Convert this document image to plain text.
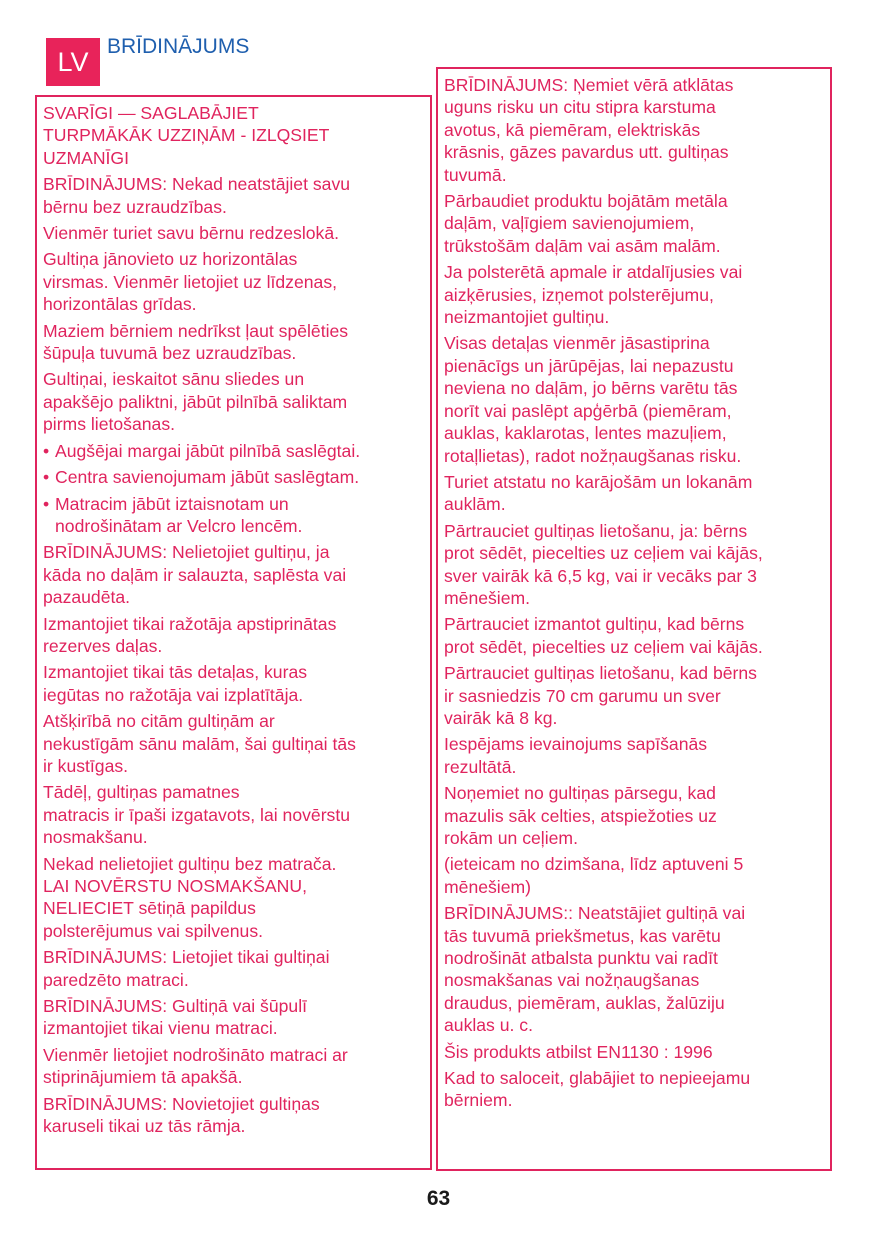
LV BRĪDINĀJUMS

SVARĪGI — SAGLABĀJIET
TURPMĀKĀK UZZIŅĀM - IZLQSIET
UZMANĪGI

BRĪDINĀJUMS: Nekad neatstājiet savu
bērnu bez uzraudzības.

Vienmēr turiet savu bērnu redzeslokā.

Gultiņa jānovieto uz horizontālas
virsmas. Vienmēr lietojiet uz līdzenas,
horizontālas grīdas.

Maziem bērniem nedrīkst ļaut spēlēties
šūpuļa tuvumā bez uzraudzības.

Gultiņai, ieskaitot sānu sliedes un
apakšējo paliktni, jābūt pilnībā saliktam
pirms lietošanas.

• Augšējai margai jābūt pilnībā saslēgtai.
• Centra savienojumam jābūt saslēgtam.
• Matracim jābūt iztaisnotam un
nodrošinātam ar Velcro lencēm.

BRĪDINĀJUMS: Nelietojiet gultiņu, ja
kāda no daļām ir salauzta, saplēsta vai
pazaudēta.

Izmantojiet tikai ražotāja apstiprinātas
rezerves daļas.

Izmantojiet tikai tās detaļas, kuras
iegūtas no ražotāja vai izplatītāja.

Atšķirībā no citām gultiņām ar
nekustīgām sānu malām, šai gultiņai tās
ir kustīgas.

Tādēļ, gultiņas pamatnes
matracis ir īpaši izgatavots, lai novērstu
nosmakšanu.

Nekad nelietojiet gultiņu bez matrača.

LAI NOVĒRSTU NOSMAKŠANU,
NELIECIET sētiņā papildus
polsterējumus vai spilvenus.

BRĪDINĀJUMS: Lietojiet tikai gultiņai
paredzēto matraci.

BRĪDINĀJUMS: Gultiņā vai šūpulī
izmantojiet tikai vienu matraci.

Vienmēr lietojiet nodrošināto matraci ar
stiprinājumiem tā apakšā.

BRĪDINĀJUMS: Novietojiet gultiņas
karuseli tikai uz tās rāmja.

BRĪDINĀJUMS: Ņemiet vērā atklātas
uguns risku un citu stipra karstuma
avotus, kā piemēram, elektriskās
krāsnis, gāzes pavardus utt. gultiņas
tuvumā.

Pārbaudiet produktu bojātām metāla
daļām, vaļīgiem savienojumiem,
trūkstošām daļām vai asām malām.

Ja polsterētā apmale ir atdalījusies vai
aizķērusies, izņemot polsterējumu,
neizmantojiet gultiņu.

Visas detaļas vienmēr jāsastiprina
pienācīgs un jārūpējas, lai nepazustu
neviena no daļām, jo bērns varētu tās
norīt vai paslēpt apģērbā (piemēram,
auklas, kaklarotas, lentes mazuļiem,
rotaļlietas), radot nožņaugšanas risku.

Turiet atstatu no karājošām un lokanām
auklām.

Pārtrauciet gultiņas lietošanu, ja: bērns
prot sēdēt, piecelties uz ceļiem vai kājās,
sver vairāk kā 6,5 kg, vai ir vecāks par 3
mēnešiem.

Pārtrauciet izmantot gultiņu, kad bērns
prot sēdēt, piecelties uz ceļiem vai kājās.

Pārtrauciet gultiņas lietošanu, kad bērns
ir sasniedzis 70 cm garumu un sver
vairāk kā 8 kg.

Iespējams ievainojums sapīšanās
rezultātā.

Noņemiet no gultiņas pārsegu, kad
mazulis sāk celties, atspiežoties uz
rokām un ceļiem.

(ieteicam no dzimšana, līdz aptuveni 5
mēnešiem)

BRĪDINĀJUMS:: Neatstājiet gultiņā vai
tās tuvumā priekšmetus, kas varētu
nodrošināt atbalsta punktu vai radīt
nosmakšanas vai nožņaugšanas
draudus, piemēram, auklas, žalūziju
auklas u. c.

Šis produkts atbilst EN1130 : 1996

Kad to saloceit, glabājiet to nepieejamu
bērniem.

63
